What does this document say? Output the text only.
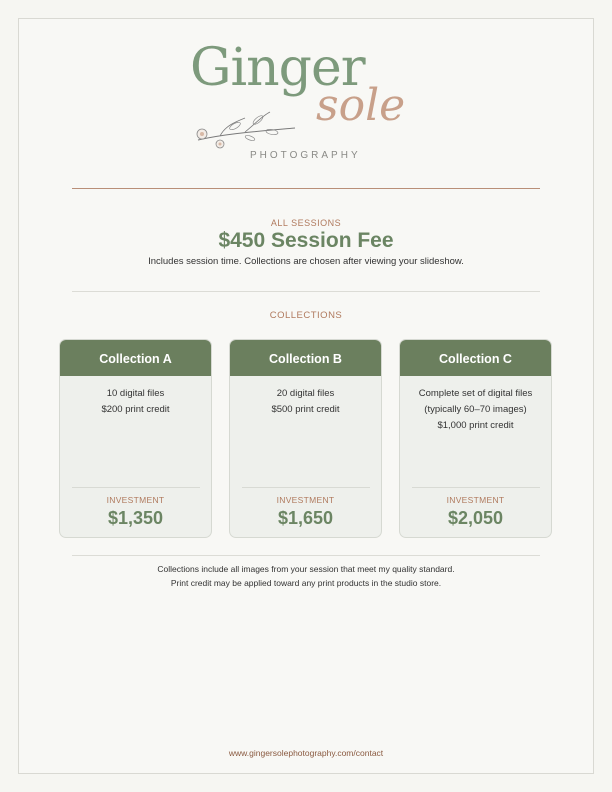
Ginger
sole
PHOTOGRAPHY
ALL SESSIONS
$450 Session Fee
Includes session time. Collections are chosen after viewing your slideshow.
COLLECTIONS
Collection A
10 digital files
$200 print credit
INVESTMENT
$1,350
Collection B
20 digital files
$500 print credit
INVESTMENT
$1,650
Collection C
Complete set of digital files
(typically 60–70 images)
$1,000 print credit
INVESTMENT
$2,050
Collections include all images from your session that meet my quality standard.
Print credit may be applied toward any print products in the studio store.
www.gingersolephotography.com/contact
